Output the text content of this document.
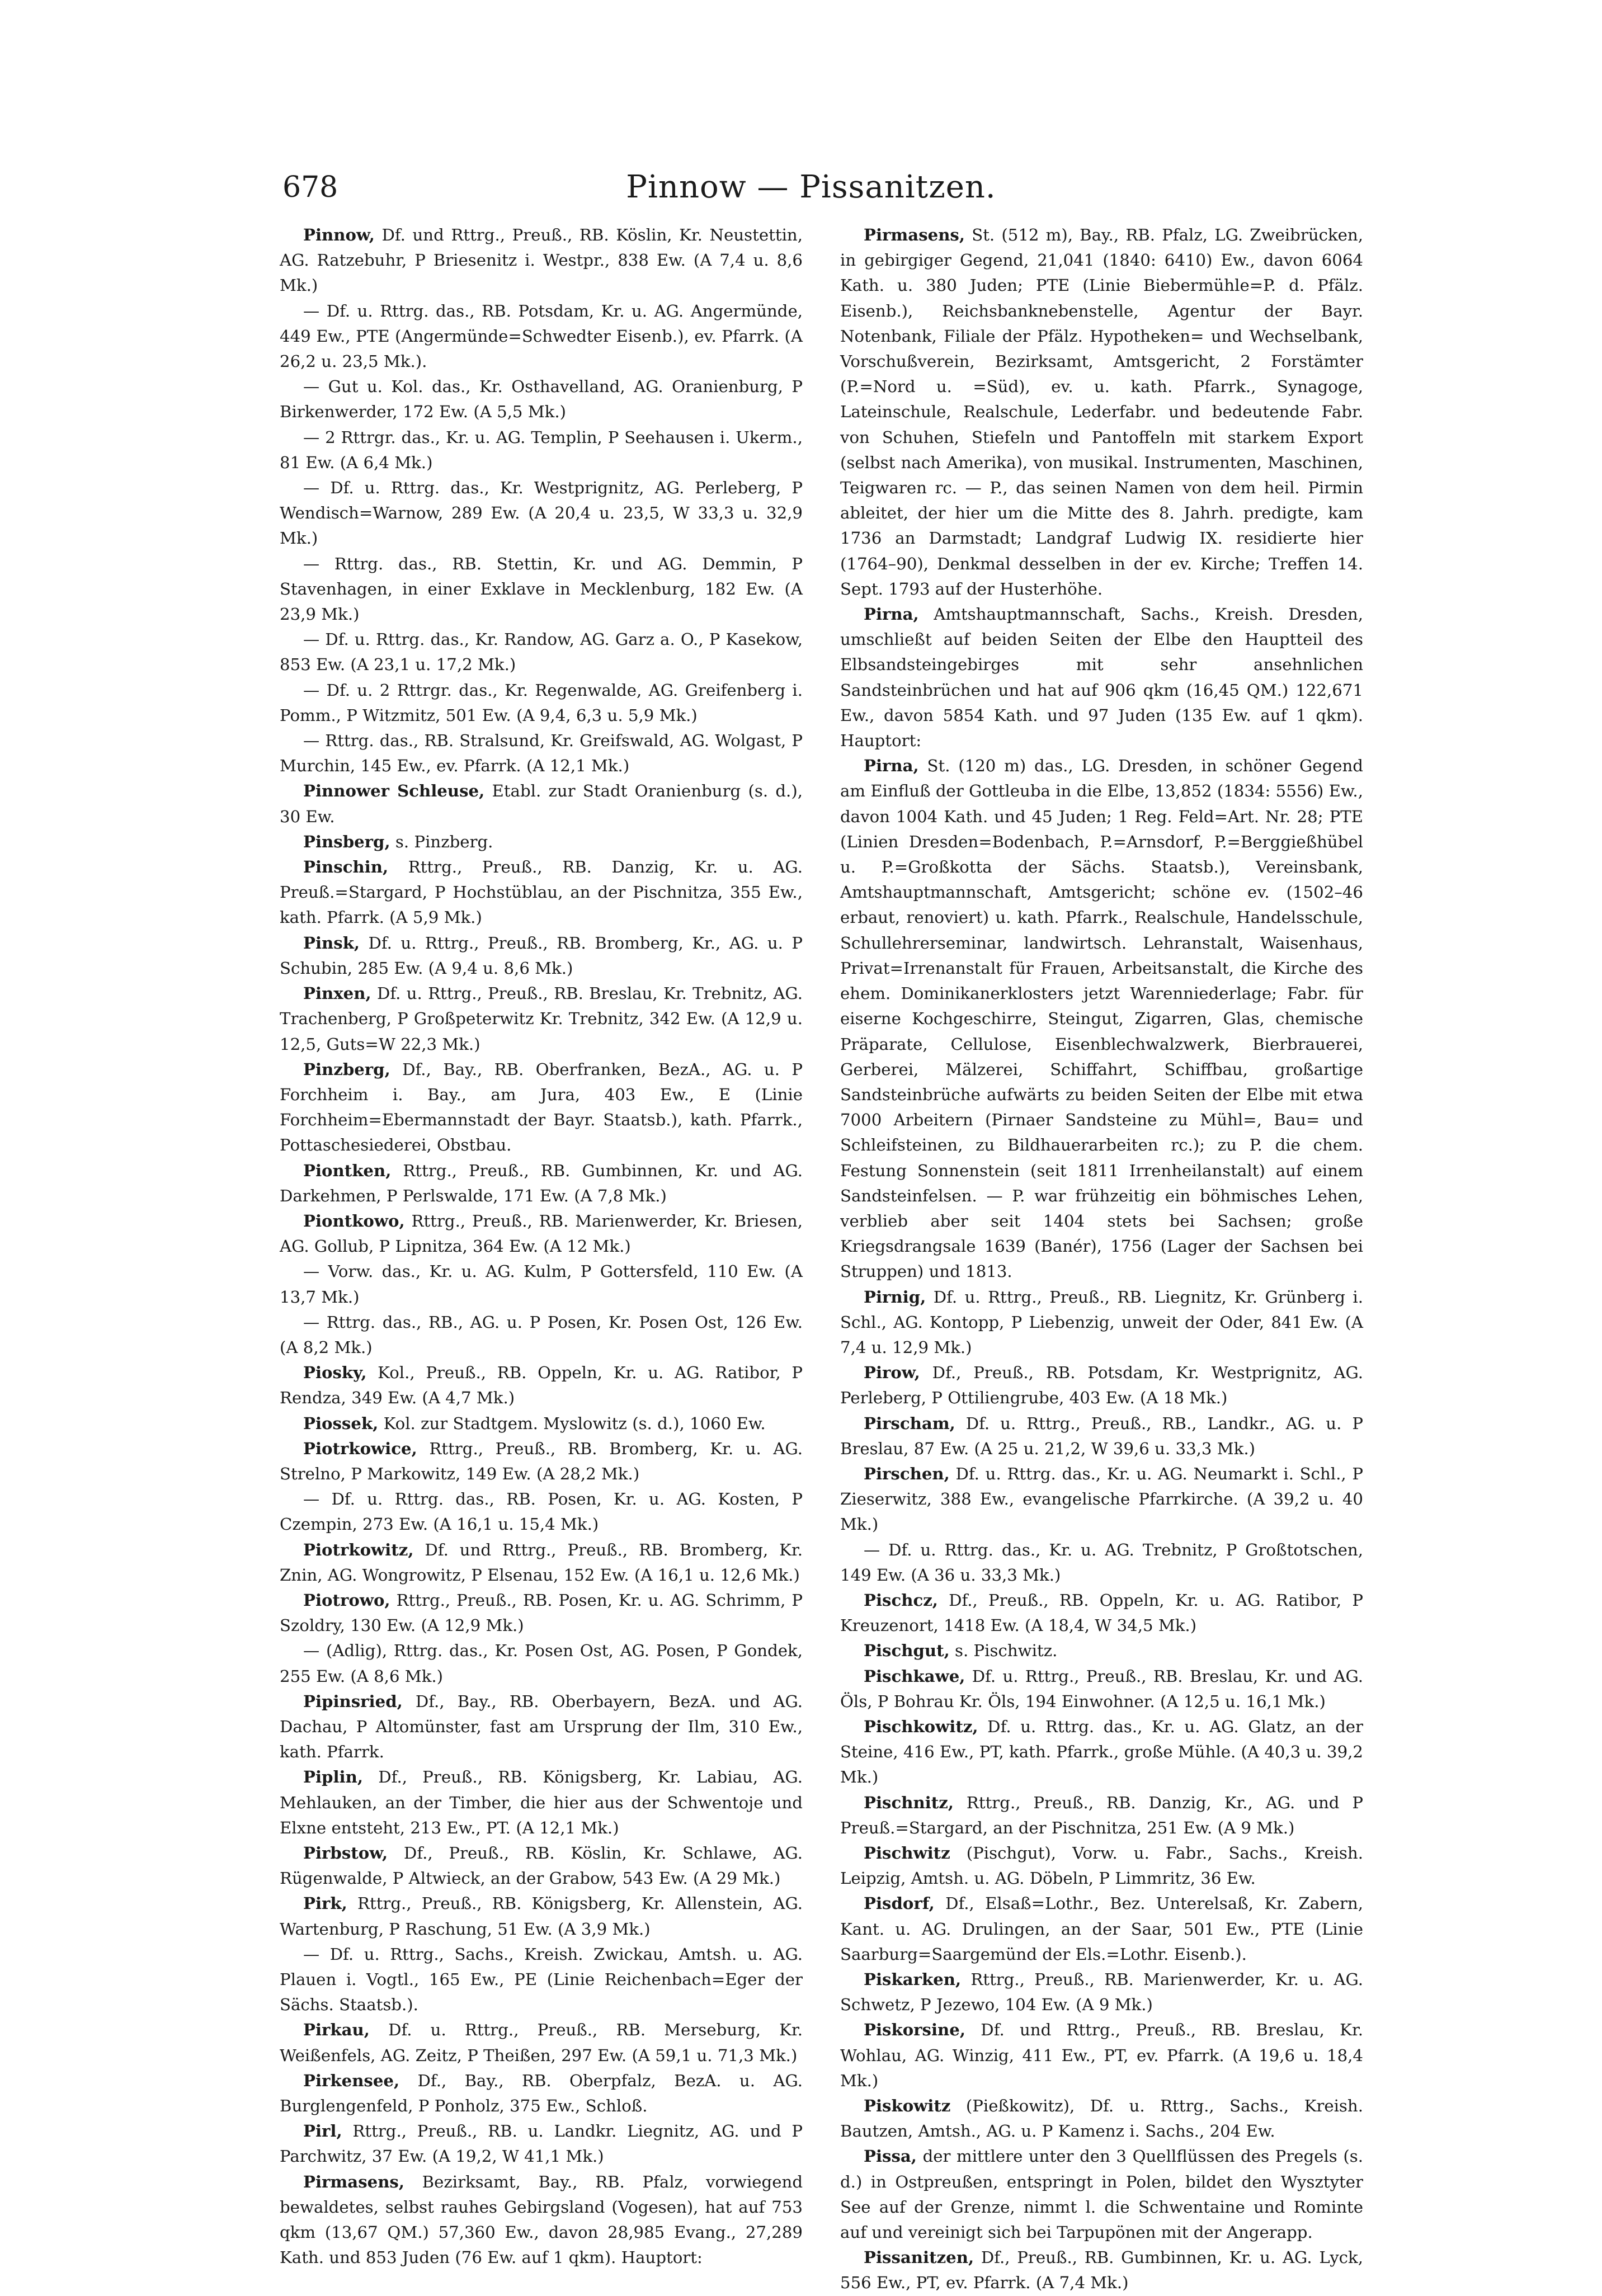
678	Pinnow — Pissanitzen.

Pinnow, Df. und Rttrg., Preuß., RB. Köslin, Kr. Neustettin, AG. Ratzebuhr, P Briesenitz i. Westpr., 838 Ew. (A 7,4 u. 8,6 Mk.)

— Df. u. Rttrg. das., RB. Potsdam, Kr. u. AG. Angermünde, 449 Ew., PTE (Angermünde=Schwedter Eisenb.), ev. Pfarrk. (A 26,2 u. 23,5 Mk.).

— Gut u. Kol. das., Kr. Osthavelland, AG. Oranienburg, P Birkenwerder, 172 Ew. (A 5,5 Mk.)

— 2 Rttrgr. das., Kr. u. AG. Templin, P Seehausen i. Ukerm., 81 Ew. (A 6,4 Mk.)

— Df. u. Rttrg. das., Kr. Westprignitz, AG. Perleberg, P Wendisch=Warnow, 289 Ew. (A 20,4 u. 23,5, W 33,3 u. 32,9 Mk.)

— Rttrg. das., RB. Stettin, Kr. und AG. Demmin, P Stavenhagen, in einer Exklave in Mecklenburg, 182 Ew. (A 23,9 Mk.)

— Df. u. Rttrg. das., Kr. Randow, AG. Garz a. O., P Kasekow, 853 Ew. (A 23,1 u. 17,2 Mk.)

— Df. u. 2 Rttrgr. das., Kr. Regenwalde, AG. Greifenberg i. Pomm., P Witzmitz, 501 Ew. (A 9,4, 6,3 u. 5,9 Mk.)

— Rttrg. das., RB. Stralsund, Kr. Greifswald, AG. Wolgast, P Murchin, 145 Ew., ev. Pfarrk. (A 12,1 Mk.)

Pinnower Schleuse, Etabl. zur Stadt Oranienburg (s. d.), 30 Ew.

Pinsberg, s. Pinzberg.

Pinschin, Rttrg., Preuß., RB. Danzig, Kr. u. AG. Preuß.=Stargard, P Hochstüblau, an der Pischnitza, 355 Ew., kath. Pfarrk. (A 5,9 Mk.)

Pinsk, Df. u. Rttrg., Preuß., RB. Bromberg, Kr., AG. u. P Schubin, 285 Ew. (A 9,4 u. 8,6 Mk.)

Pinxen, Df. u. Rttrg., Preuß., RB. Breslau, Kr. Trebnitz, AG. Trachenberg, P Großpeterwitz Kr. Trebnitz, 342 Ew. (A 12,9 u. 12,5, Guts=W 22,3 Mk.)

Pinzberg, Df., Bay., RB. Oberfranken, BezA., AG. u. P Forchheim i. Bay., am Jura, 403 Ew., E (Linie Forchheim=Ebermannstadt der Bayr. Staatsb.), kath. Pfarrk., Pottaschesiederei, Obstbau.

Piontken, Rttrg., Preuß., RB. Gumbinnen, Kr. und AG. Darkehmen, P Perlswalde, 171 Ew. (A 7,8 Mk.)

Piontkowo, Rttrg., Preuß., RB. Marienwerder, Kr. Briesen, AG. Gollub, P Lipnitza, 364 Ew. (A 12 Mk.)

— Vorw. das., Kr. u. AG. Kulm, P Gottersfeld, 110 Ew. (A 13,7 Mk.)

— Rttrg. das., RB., AG. u. P Posen, Kr. Posen Ost, 126 Ew. (A 8,2 Mk.)

Piosky, Kol., Preuß., RB. Oppeln, Kr. u. AG. Ratibor, P Rendza, 349 Ew. (A 4,7 Mk.)

Piossek, Kol. zur Stadtgem. Myslowitz (s. d.), 1060 Ew.

Piotrkowice, Rttrg., Preuß., RB. Bromberg, Kr. u. AG. Strelno, P Markowitz, 149 Ew. (A 28,2 Mk.)

— Df. u. Rttrg. das., RB. Posen, Kr. u. AG. Kosten, P Czempin, 273 Ew. (A 16,1 u. 15,4 Mk.)

Piotrkowitz, Df. und Rttrg., Preuß., RB. Bromberg, Kr. Znin, AG. Wongrowitz, P Elsenau, 152 Ew. (A 16,1 u. 12,6 Mk.)

Piotrowo, Rttrg., Preuß., RB. Posen, Kr. u. AG. Schrimm, P Szoldry, 130 Ew. (A 12,9 Mk.)

— (Adlig), Rttrg. das., Kr. Posen Ost, AG. Posen, P Gondek, 255 Ew. (A 8,6 Mk.)

Pipinsried, Df., Bay., RB. Oberbayern, BezA. und AG. Dachau, P Altomünster, fast am Ursprung der Ilm, 310 Ew., kath. Pfarrk.

Piplin, Df., Preuß., RB. Königsberg, Kr. Labiau, AG. Mehlauken, an der Timber, die hier aus der Schwentoje und Elxne entsteht, 213 Ew., PT. (A 12,1 Mk.)

Pirbstow, Df., Preuß., RB. Köslin, Kr. Schlawe, AG. Rügenwalde, P Altwieck, an der Grabow, 543 Ew. (A 29 Mk.)

Pirk, Rttrg., Preuß., RB. Königsberg, Kr. Allenstein, AG. Wartenburg, P Raschung, 51 Ew. (A 3,9 Mk.)

— Df. u. Rttrg., Sachs., Kreish. Zwickau, Amtsh. u. AG. Plauen i. Vogtl., 165 Ew., PE (Linie Reichenbach=Eger der Sächs. Staatsb.).

Pirkau, Df. u. Rttrg., Preuß., RB. Merseburg, Kr. Weißenfels, AG. Zeitz, P Theißen, 297 Ew. (A 59,1 u. 71,3 Mk.)

Pirkensee, Df., Bay., RB. Oberpfalz, BezA. u. AG. Burglengenfeld, P Ponholz, 375 Ew., Schloß.

Pirl, Rttrg., Preuß., RB. u. Landkr. Liegnitz, AG. und P Parchwitz, 37 Ew. (A 19,2, W 41,1 Mk.)

Pirmasens, Bezirksamt, Bay., RB. Pfalz, vorwiegend bewaldetes, selbst rauhes Gebirgsland (Vogesen), hat auf 753 qkm (13,67 QM.) 57,360 Ew., davon 28,985 Evang., 27,289 Kath. und 853 Juden (76 Ew. auf 1 qkm). Hauptort:

Pirmasens, St. (512 m), Bay., RB. Pfalz, LG. Zweibrücken, in gebirgiger Gegend, 21,041 (1840: 6410) Ew., davon 6064 Kath. u. 380 Juden; PTE (Linie Biebermühle=P. d. Pfälz. Eisenb.), Reichsbanknebenstelle, Agentur der Bayr. Notenbank, Filiale der Pfälz. Hypotheken= und Wechselbank, Vorschußverein, Bezirksamt, Amtsgericht, 2 Forstämter (P.=Nord u. =Süd), ev. u. kath. Pfarrk., Synagoge, Lateinschule, Realschule, Lederfabr. und bedeutende Fabr. von Schuhen, Stiefeln und Pantoffeln mit starkem Export (selbst nach Amerika), von musikal. Instrumenten, Maschinen, Teigwaren rc. — P., das seinen Namen von dem heil. Pirmin ableitet, der hier um die Mitte des 8. Jahrh. predigte, kam 1736 an Darmstadt; Landgraf Ludwig IX. residierte hier (1764–90), Denkmal desselben in der ev. Kirche; Treffen 14. Sept. 1793 auf der Husterhöhe.

Pirna, Amtshauptmannschaft, Sachs., Kreish. Dresden, umschließt auf beiden Seiten der Elbe den Hauptteil des Elbsandsteingebirges mit sehr ansehnlichen Sandsteinbrüchen und hat auf 906 qkm (16,45 QM.) 122,671 Ew., davon 5854 Kath. und 97 Juden (135 Ew. auf 1 qkm). Hauptort:

Pirna, St. (120 m) das., LG. Dresden, in schöner Gegend am Einfluß der Gottleuba in die Elbe, 13,852 (1834: 5556) Ew., davon 1004 Kath. und 45 Juden; 1 Reg. Feld=Art. Nr. 28; PTE (Linien Dresden=Bodenbach, P.=Arnsdorf, P.=Berggießhübel u. P.=Großkotta der Sächs. Staatsb.), Vereinsbank, Amtshauptmannschaft, Amtsgericht; schöne ev. (1502–46 erbaut, renoviert) u. kath. Pfarrk., Realschule, Handelsschule, Schullehrerseminar, landwirtsch. Lehranstalt, Waisenhaus, Privat=Irrenanstalt für Frauen, Arbeitsanstalt, die Kirche des ehem. Dominikanerklosters jetzt Warenniederlage; Fabr. für eiserne Kochgeschirre, Steingut, Zigarren, Glas, chemische Präparate, Cellulose, Eisenblechwalzwerk, Bierbrauerei, Gerberei, Mälzerei, Schiffahrt, Schiffbau, großartige Sandsteinbrüche aufwärts zu beiden Seiten der Elbe mit etwa 7000 Arbeitern (Pirnaer Sandsteine zu Mühl=, Bau= und Schleifsteinen, zu Bildhauerarbeiten rc.); zu P. die chem. Festung Sonnenstein (seit 1811 Irrenheilanstalt) auf einem Sandsteinfelsen. — P. war frühzeitig ein böhmisches Lehen, verblieb aber seit 1404 stets bei Sachsen; große Kriegsdrangsale 1639 (Banér), 1756 (Lager der Sachsen bei Struppen) und 1813.

Pirnig, Df. u. Rttrg., Preuß., RB. Liegnitz, Kr. Grünberg i. Schl., AG. Kontopp, P Liebenzig, unweit der Oder, 841 Ew. (A 7,4 u. 12,9 Mk.)

Pirow, Df., Preuß., RB. Potsdam, Kr. Westprignitz, AG. Perleberg, P Ottiliengrube, 403 Ew. (A 18 Mk.)

Pirscham, Df. u. Rttrg., Preuß., RB., Landkr., AG. u. P Breslau, 87 Ew. (A 25 u. 21,2, W 39,6 u. 33,3 Mk.)

Pirschen, Df. u. Rttrg. das., Kr. u. AG. Neumarkt i. Schl., P Zieserwitz, 388 Ew., evangelische Pfarrkirche. (A 39,2 u. 40 Mk.)

— Df. u. Rttrg. das., Kr. u. AG. Trebnitz, P Großtotschen, 149 Ew. (A 36 u. 33,3 Mk.)

Pischcz, Df., Preuß., RB. Oppeln, Kr. u. AG. Ratibor, P Kreuzenort, 1418 Ew. (A 18,4, W 34,5 Mk.)

Pischgut, s. Pischwitz.

Pischkawe, Df. u. Rttrg., Preuß., RB. Breslau, Kr. und AG. Öls, P Bohrau Kr. Öls, 194 Einwohner. (A 12,5 u. 16,1 Mk.)

Pischkowitz, Df. u. Rttrg. das., Kr. u. AG. Glatz, an der Steine, 416 Ew., PT, kath. Pfarrk., große Mühle. (A 40,3 u. 39,2 Mk.)

Pischnitz, Rttrg., Preuß., RB. Danzig, Kr., AG. und P Preuß.=Stargard, an der Pischnitza, 251 Ew. (A 9 Mk.)

Pischwitz (Pischgut), Vorw. u. Fabr., Sachs., Kreish. Leipzig, Amtsh. u. AG. Döbeln, P Limmritz, 36 Ew.

Pisdorf, Df., Elsaß=Lothr., Bez. Unterelsaß, Kr. Zabern, Kant. u. AG. Drulingen, an der Saar, 501 Ew., PTE (Linie Saarburg=Saargemünd der Els.=Lothr. Eisenb.).

Piskarken, Rttrg., Preuß., RB. Marienwerder, Kr. u. AG. Schwetz, P Jezewo, 104 Ew. (A 9 Mk.)

Piskorsine, Df. und Rttrg., Preuß., RB. Breslau, Kr. Wohlau, AG. Winzig, 411 Ew., PT, ev. Pfarrk. (A 19,6 u. 18,4 Mk.)

Piskowitz (Pießkowitz), Df. u. Rttrg., Sachs., Kreish. Bautzen, Amtsh., AG. u. P Kamenz i. Sachs., 204 Ew.

Pissa, der mittlere unter den 3 Quellflüssen des Pregels (s. d.) in Ostpreußen, entspringt in Polen, bildet den Wysztyter See auf der Grenze, nimmt l. die Schwentaine und Rominte auf und vereinigt sich bei Tarpupönen mit der Angerapp.

Pissanitzen, Df., Preuß., RB. Gumbinnen, Kr. u. AG. Lyck, 556 Ew., PT, ev. Pfarrk. (A 7,4 Mk.)
